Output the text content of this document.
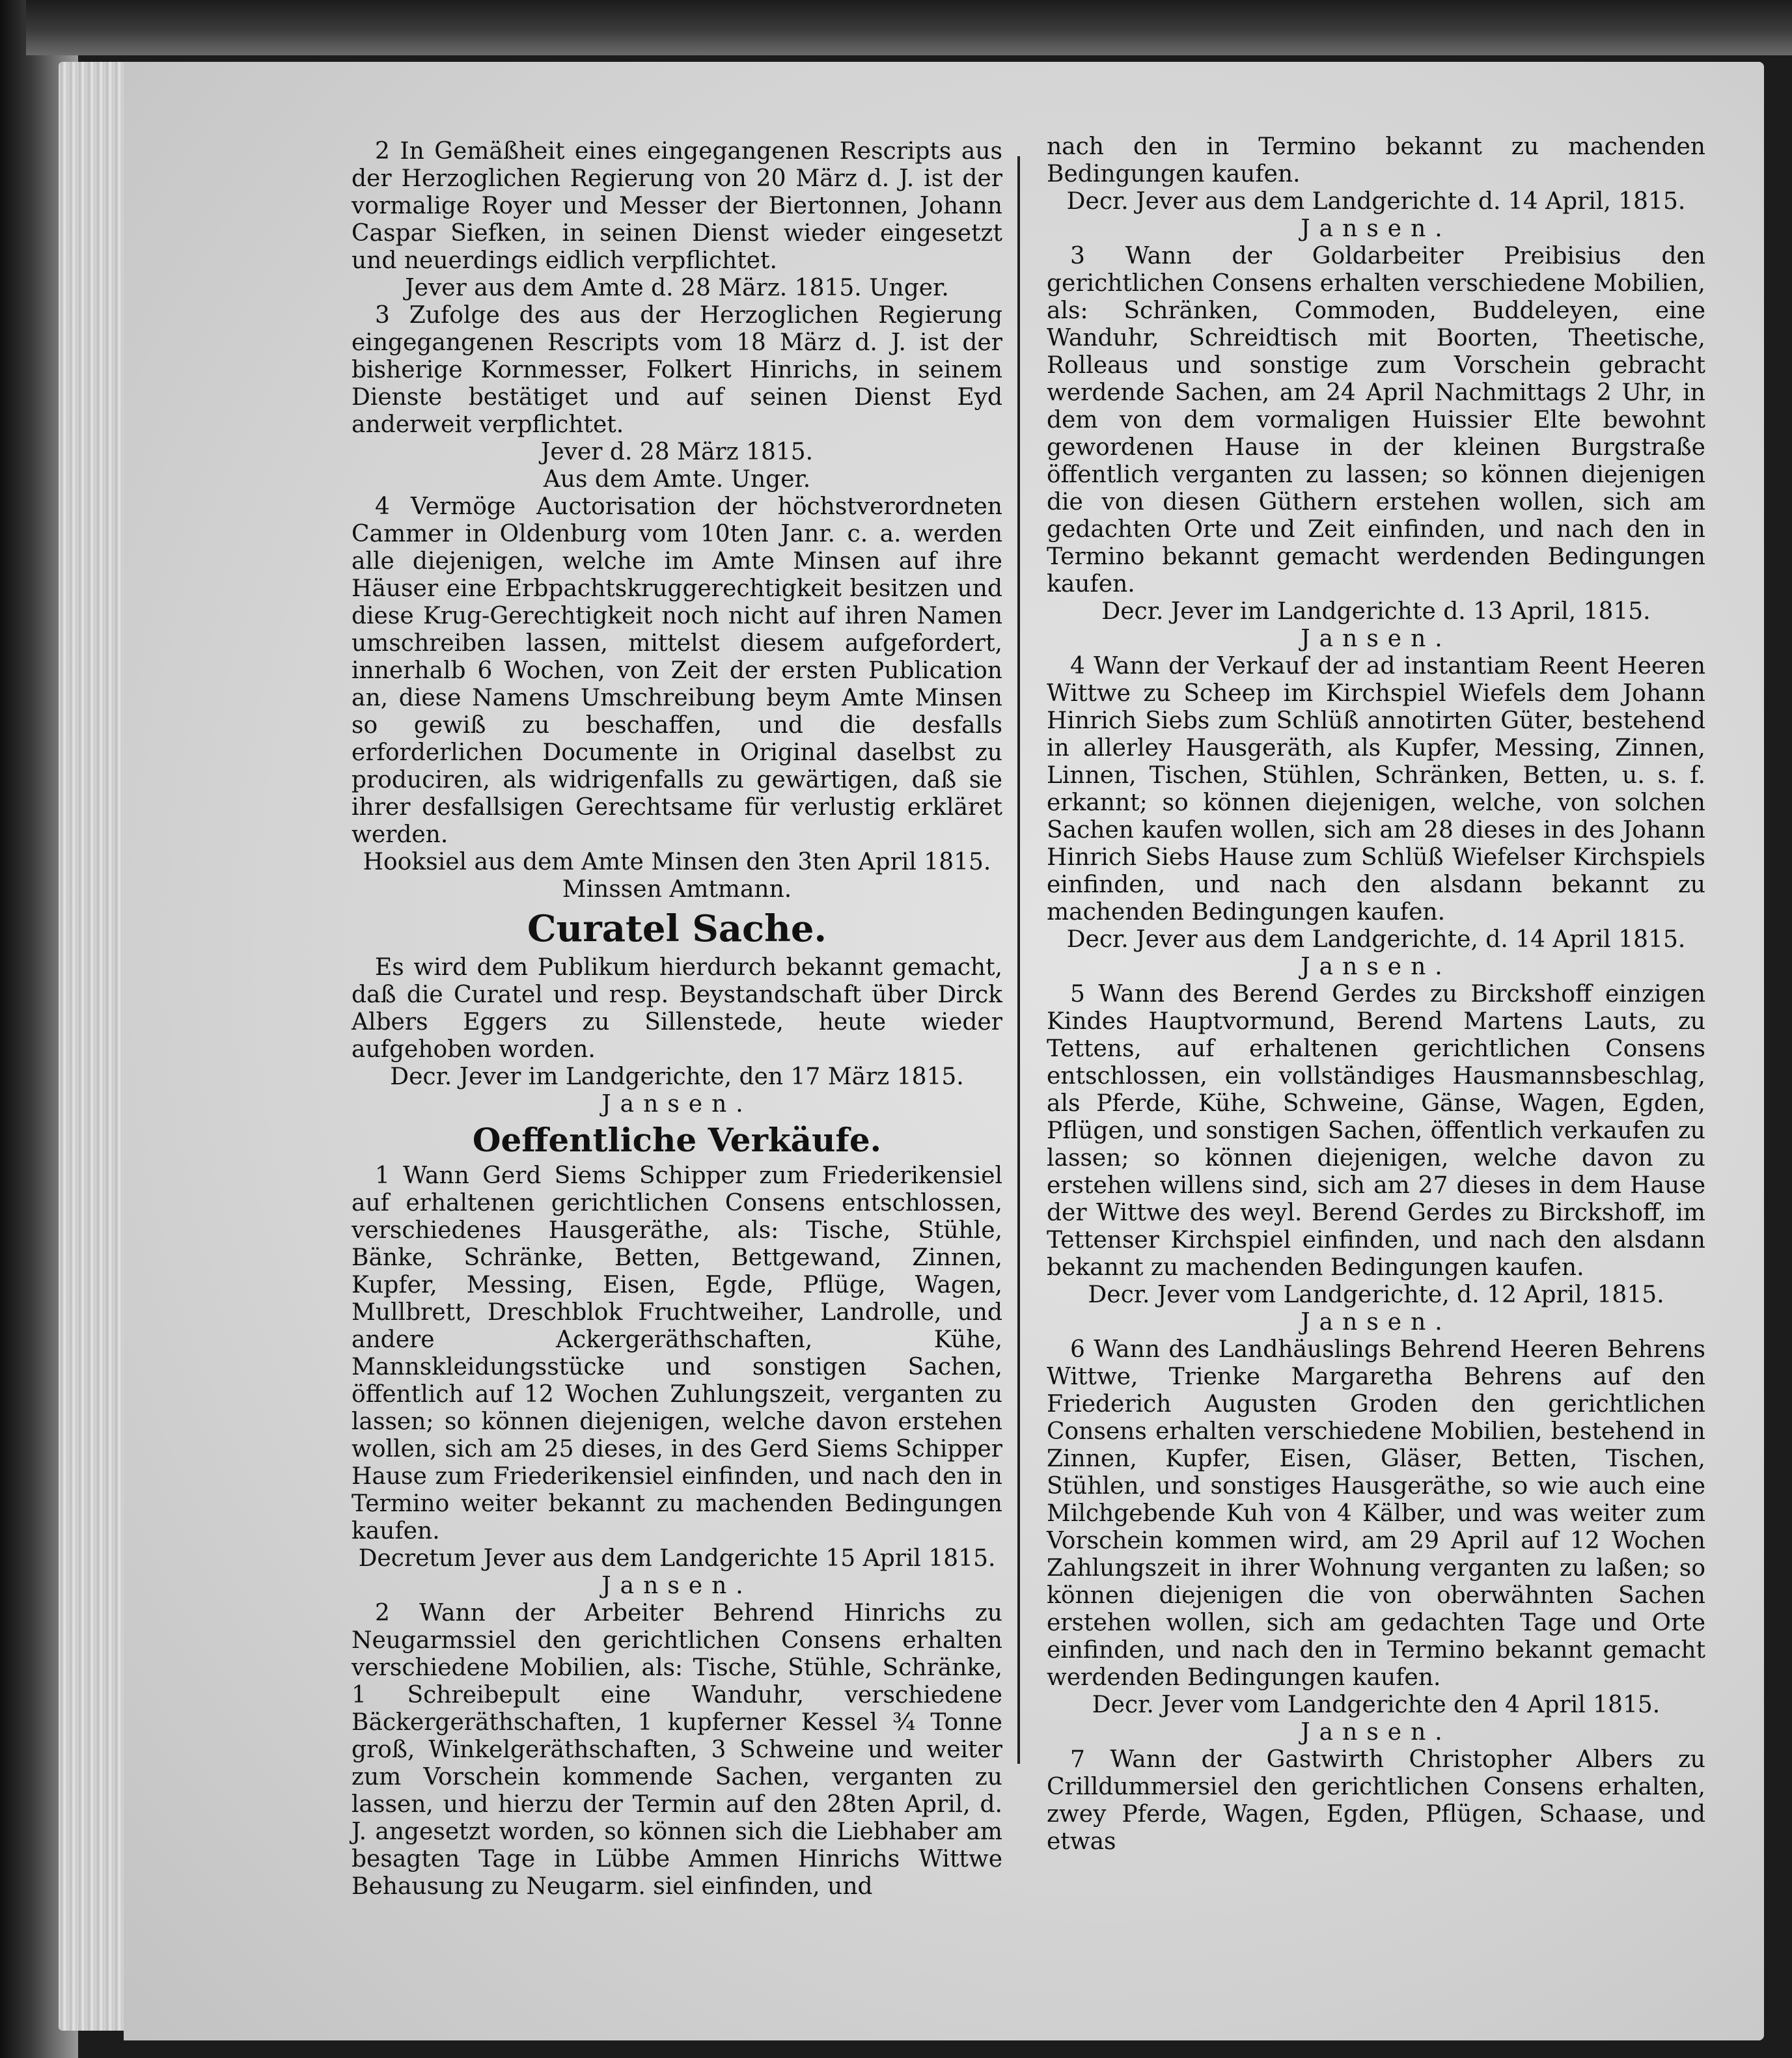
2 In Gemäßheit eines eingegangenen Rescripts aus der Herzoglichen Regierung von 20 März d. J. ist der vormalige Royer und Messer der Biertonnen, Johann Caspar Siefken, in seinen Dienst wieder eingesetzt und neuerdings eidlich verpflichtet.

Jever aus dem Amte d. 28 März. 1815. Unger.

3 Zufolge des aus der Herzoglichen Regierung eingegangenen Rescripts vom 18 März d. J. ist der bisherige Kornmesser, Folkert Hinrichs, in seinem Dienste bestätiget und auf seinen Dienst Eyd anderweit verpflichtet.

Jever d. 28 März 1815.

Aus dem Amte. Unger.

4 Vermöge Auctorisation der höchstverordneten Cammer in Oldenburg vom 10ten Janr. c. a. werden alle diejenigen, welche im Amte Minsen auf ihre Häuser eine Erbpachtskruggerechtigkeit besitzen und diese Krug-Gerechtigkeit noch nicht auf ihren Namen umschreiben lassen, mittelst diesem aufgefordert, innerhalb 6 Wochen, von Zeit der ersten Publication an, diese Namens Umschreibung beym Amte Minsen so gewiß zu beschaffen, und die desfalls erforderlichen Documente in Original daselbst zu produciren, als widrigenfalls zu gewärtigen, daß sie ihrer desfallsigen Gerechtsame für verlustig erkläret werden.

Hooksiel aus dem Amte Minsen den 3ten April 1815.

Minssen Amtmann.

Curatel Sache.

Es wird dem Publikum hierdurch bekannt gemacht, daß die Curatel und resp. Beystandschaft über Dirck Albers Eggers zu Sillenstede, heute wieder aufgehoben worden.

Decr. Jever im Landgerichte, den 17 März 1815.

Jansen.

Oeffentliche Verkäufe.

1 Wann Gerd Siems Schipper zum Friederikensiel auf erhaltenen gerichtlichen Consens entschlossen, verschiedenes Hausgeräthe, als: Tische, Stühle, Bänke, Schränke, Betten, Bettgewand, Zinnen, Kupfer, Messing, Eisen, Egde, Pflüge, Wagen, Mullbrett, Dreschblok Fruchtweiher, Landrolle, und andere Ackergeräthschaften, Kühe, Mannskleidungsstücke und sonstigen Sachen, öffentlich auf 12 Wochen Zuhlungszeit, verganten zu lassen; so können diejenigen, welche davon erstehen wollen, sich am 25 dieses, in des Gerd Siems Schipper Hause zum Friederikensiel einfinden, und nach den in Termino weiter bekannt zu machenden Bedingungen kaufen.

Decretum Jever aus dem Landgerichte 15 April 1815.

Jansen.

2 Wann der Arbeiter Behrend Hinrichs zu Neugarmssiel den gerichtlichen Consens erhalten verschiedene Mobilien, als: Tische, Stühle, Schränke, 1 Schreibepult eine Wanduhr, verschiedene Bäckergeräthschaften, 1 kupferner Kessel ¾ Tonne groß, Winkelgeräthschaften, 3 Schweine und weiter zum Vorschein kommende Sachen, verganten zu lassen, und hierzu der Termin auf den 28ten April, d. J. angesetzt worden, so können sich die Liebhaber am besagten Tage in Lübbe Ammen Hinrichs Wittwe Behausung zu Neugarm. siel einfinden, und

nach den in Termino bekannt zu machenden Bedingungen kaufen.

Decr. Jever aus dem Landgerichte d. 14 April, 1815.

Jansen.

3 Wann der Goldarbeiter Preibisius den gerichtlichen Consens erhalten verschiedene Mobilien, als: Schränken, Commoden, Buddeleyen, eine Wanduhr, Schreidtisch mit Boorten, Theetische, Rolleaus und sonstige zum Vorschein gebracht werdende Sachen, am 24 April Nachmittags 2 Uhr, in dem von dem vormaligen Huissier Elte bewohnt gewordenen Hause in der kleinen Burgstraße öffentlich verganten zu lassen; so können diejenigen die von diesen Güthern erstehen wollen, sich am gedachten Orte und Zeit einfinden, und nach den in Termino bekannt gemacht werdenden Bedingungen kaufen.

Decr. Jever im Landgerichte d. 13 April, 1815.

Jansen.

4 Wann der Verkauf der ad instantiam Reent Heeren Wittwe zu Scheep im Kirchspiel Wiefels dem Johann Hinrich Siebs zum Schlüß annotirten Güter, bestehend in allerley Hausgeräth, als Kupfer, Messing, Zinnen, Linnen, Tischen, Stühlen, Schränken, Betten, u. s. f. erkannt; so können diejenigen, welche, von solchen Sachen kaufen wollen, sich am 28 dieses in des Johann Hinrich Siebs Hause zum Schlüß Wiefelser Kirchspiels einfinden, und nach den alsdann bekannt zu machenden Bedingungen kaufen.

Decr. Jever aus dem Landgerichte, d. 14 April 1815.

Jansen.

5 Wann des Berend Gerdes zu Birckshoff einzigen Kindes Hauptvormund, Berend Martens Lauts, zu Tettens, auf erhaltenen gerichtlichen Consens entschlossen, ein vollständiges Hausmannsbeschlag, als Pferde, Kühe, Schweine, Gänse, Wagen, Egden, Pflügen, und sonstigen Sachen, öffentlich verkaufen zu lassen; so können diejenigen, welche davon zu erstehen willens sind, sich am 27 dieses in dem Hause der Wittwe des weyl. Berend Gerdes zu Birckshoff, im Tettenser Kirchspiel einfinden, und nach den alsdann bekannt zu machenden Bedingungen kaufen.

Decr. Jever vom Landgerichte, d. 12 April, 1815.

Jansen.

6 Wann des Landhäuslings Behrend Heeren Behrens Wittwe, Trienke Margaretha Behrens auf den Friederich Augusten Groden den gerichtlichen Consens erhalten verschiedene Mobilien, bestehend in Zinnen, Kupfer, Eisen, Gläser, Betten, Tischen, Stühlen, und sonstiges Hausgeräthe, so wie auch eine Milchgebende Kuh von 4 Kälber, und was weiter zum Vorschein kommen wird, am 29 April auf 12 Wochen Zahlungszeit in ihrer Wohnung verganten zu laßen; so können diejenigen die von oberwähnten Sachen erstehen wollen, sich am gedachten Tage und Orte einfinden, und nach den in Termino bekannt gemacht werdenden Bedingungen kaufen.

Decr. Jever vom Landgerichte den 4 April 1815.

Jansen.

7 Wann der Gastwirth Christopher Albers zu Crilldummersiel den gerichtlichen Consens erhalten, zwey Pferde, Wagen, Egden, Pflügen, Schaase, und etwas
